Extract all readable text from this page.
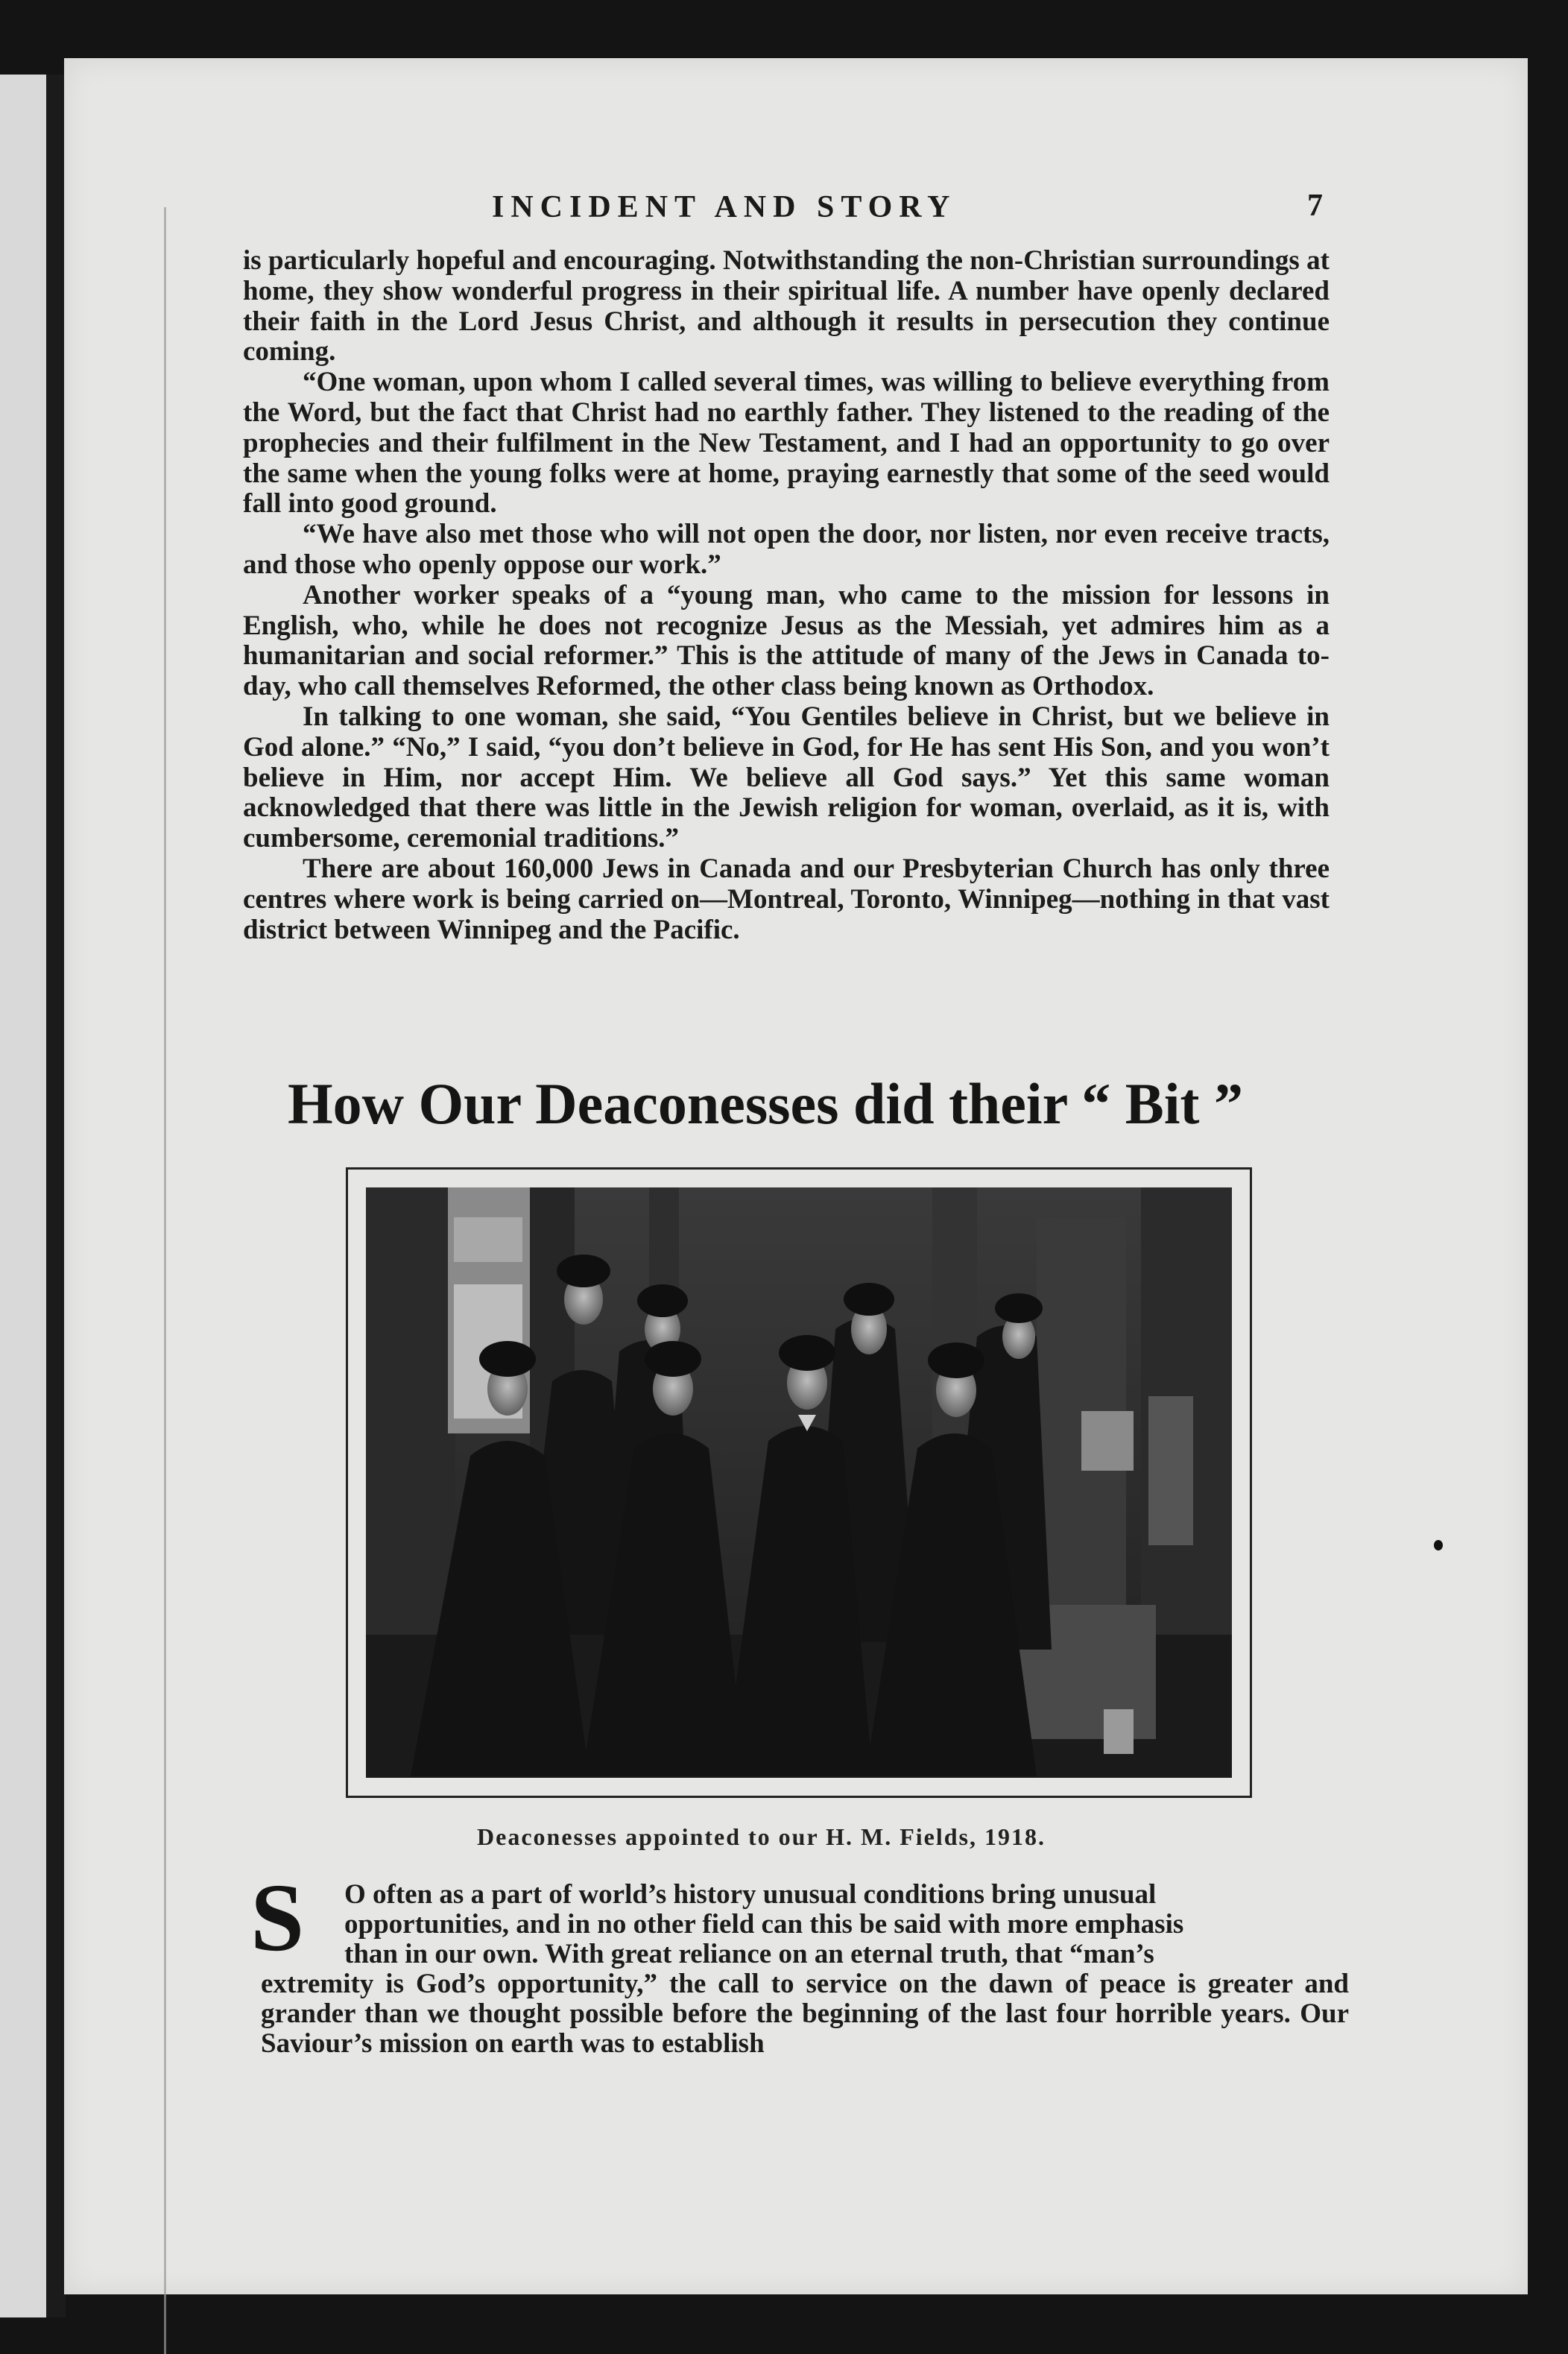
INCIDENT AND STORY	7

is particularly hopeful and encouraging. Notwithstanding the non-Christian surroundings at home, they show wonderful progress in their spiritual life. A number have openly declared their faith in the Lord Jesus Christ, and although it results in persecution they continue coming.

“One woman, upon whom I called several times, was willing to believe everything from the Word, but the fact that Christ had no earthly father. They listened to the reading of the prophecies and their fulfilment in the New Testament, and I had an opportunity to go over the same when the young folks were at home, praying earnestly that some of the seed would fall into good ground.

“We have also met those who will not open the door, nor listen, nor even receive tracts, and those who openly oppose our work.”

Another worker speaks of a “young man, who came to the mission for lessons in English, who, while he does not recognize Jesus as the Messiah, yet admires him as a humanitarian and social reformer.” This is the attitude of many of the Jews in Canada to-day, who call themselves Reformed, the other class being known as Orthodox.

In talking to one woman, she said, “You Gentiles believe in Christ, but we believe in God alone.” “No,” I said, “you don’t believe in God, for He has sent His Son, and you won’t believe in Him, nor accept Him. We believe all God says.” Yet this same woman acknowledged that there was little in the Jewish religion for woman, overlaid, as it is, with cumbersome, ceremonial traditions.”

There are about 160,000 Jews in Canada and our Presbyterian Church has only three centres where work is being carried on—Montreal, Toronto, Winnipeg—nothing in that vast district between Winnipeg and the Pacific.

How Our Deaconesses did their “ Bit ”
Deaconesses appointed to our H. M. Fields, 1918.
S	O often as a part of world’s history unusual conditions bring unusual
opportunities, and in no other field can this be said with more emphasis
than in our own. With great reliance on an eternal truth, that “man’s

extremity is God’s opportunity,” the call to service on the dawn of peace is greater and grander than we thought possible before the beginning of the last four horrible years. Our Saviour’s mission on earth was to establish
